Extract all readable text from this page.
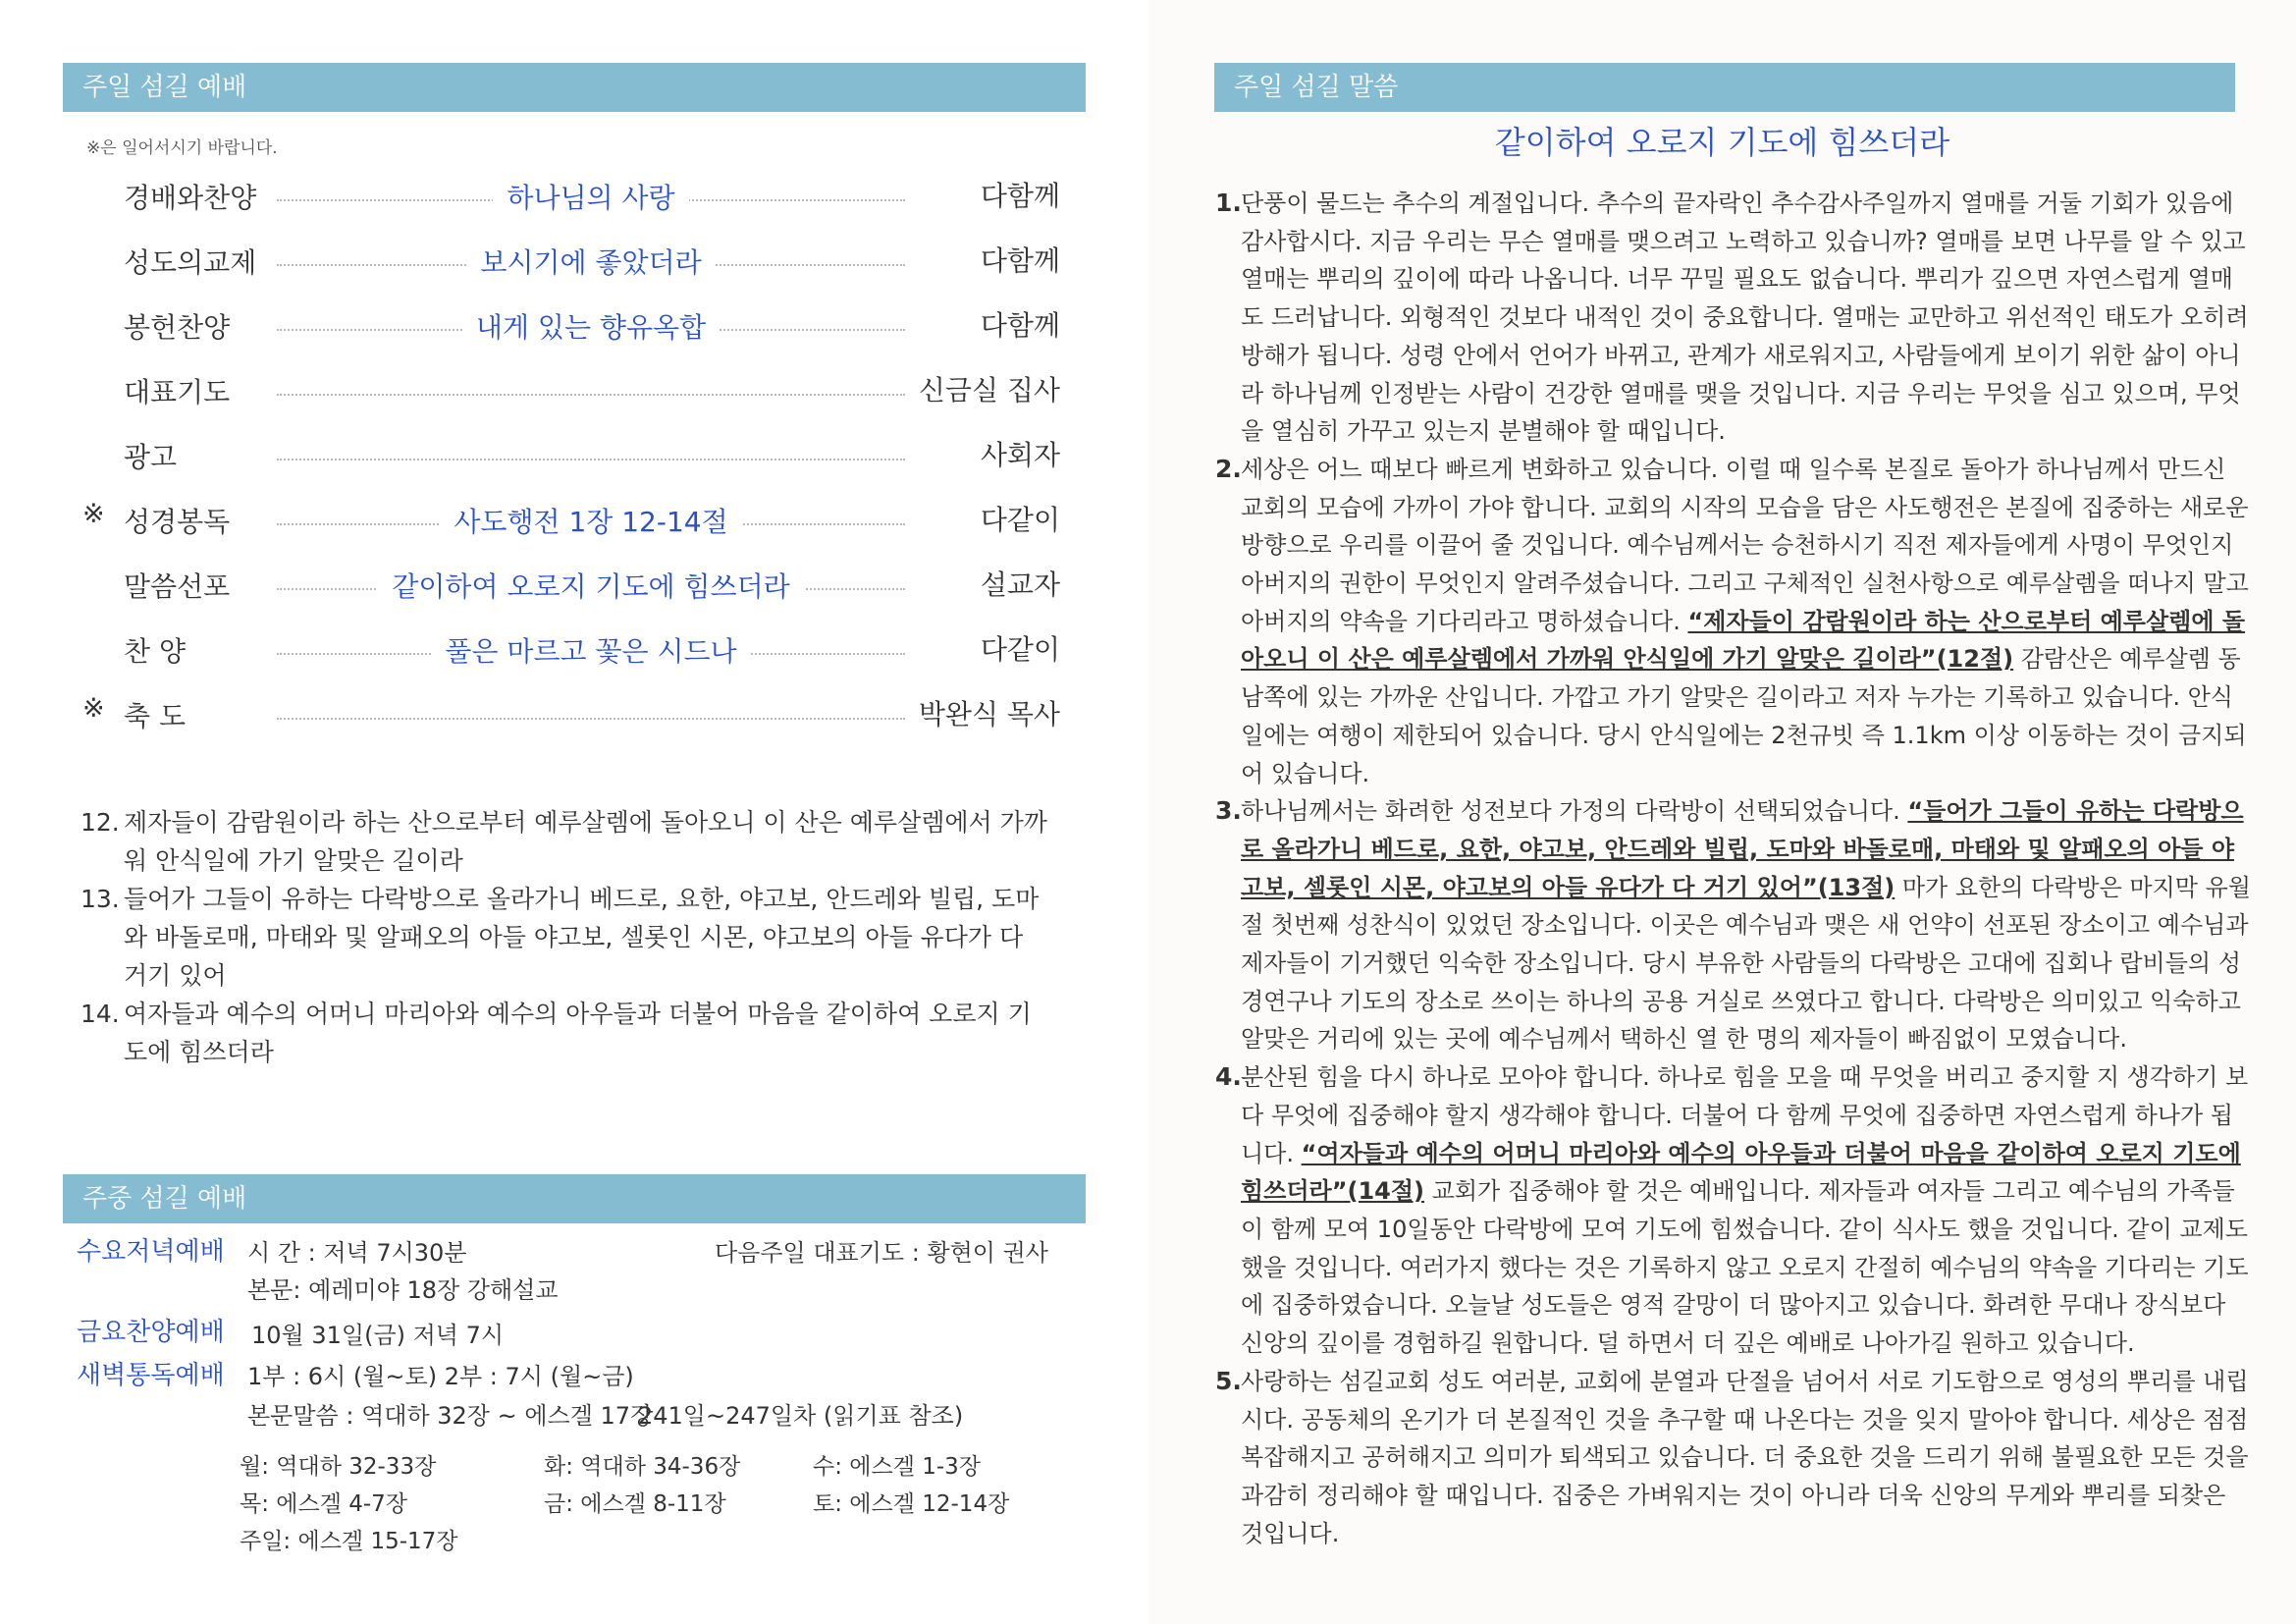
주일 섬길 예배
※은 일어서시기 바랍니다.
경배와찬양	하나님의 사랑	다함께
성도의교제	보시기에 좋았더라	다함께
봉헌찬양	내게 있는 향유옥합	다함께
대표기도	신금실 집사
광고	사회자
※ 성경봉독	사도행전 1장 12-14절	다같이
말씀선포	같이하여 오로지 기도에 힘쓰더라	설교자
찬 양	풀은 마르고 꽃은 시드나	다같이
※ 축 도	박완식 목사
12. 제자들이 감람원이라 하는 산으로부터 예루살렘에 돌아오니 이 산은 예루살렘에서 가까워 안식일에 가기 알맞은 길이라
13. 들어가 그들이 유하는 다락방으로 올라가니 베드로, 요한, 야고보, 안드레와 빌립, 도마와 바돌로매, 마태와 및 알패오의 아들 야고보, 셀롯인 시몬, 야고보의 아들 유다가 다 거기 있어
14. 여자들과 예수의 어머니 마리아와 예수의 아우들과 더불어 마음을 같이하여 오로지 기도에 힘쓰더라
주중 섬길 예배
수요저녁예배 시 간 : 저녁 7시30분	다음주일 대표기도 : 황현이 권사
본문: 예레미야 18장 강해설교
금요찬양예배 10월 31일(금) 저녁 7시
새벽통독예배 1부 : 6시 (월~토) 2부 : 7시 (월~금)
본문말씀 : 역대하 32장 ~ 에스겔 17장
241일~247일차 (읽기표 참조)
월: 역대하 32-33장	화: 역대하 34-36장	수: 에스겔 1-3장
목: 에스겔 4-7장	금: 에스겔 8-11장	토: 에스겔 12-14장
주일: 에스겔 15-17장
주일 섬길 말씀
같이하여 오로지 기도에 힘쓰더라
1. 단풍이 물드는 추수의 계절입니다. 추수의 끝자락인 추수감사주일까지 열매를 거둘 기회가 있음에 감사합시다. 지금 우리는 무슨 열매를 맺으려고 노력하고 있습니까? 열매를 보면 나무를 알 수 있고 열매는 뿌리의 깊이에 따라 나옵니다. 너무 꾸밀 필요도 없습니다. 뿌리가 깊으면 자연스럽게 열매도 드러납니다. 외형적인 것보다 내적인 것이 중요합니다. 열매는 교만하고 위선적인 태도가 오히려 방해가 됩니다. 성령 안에서 언어가 바뀌고, 관계가 새로워지고, 사람들에게 보이기 위한 삶이 아니라 하나님께 인정받는 사람이 건강한 열매를 맺을 것입니다. 지금 우리는 무엇을 심고 있으며, 무엇을 열심히 가꾸고 있는지 분별해야 할 때입니다.
2. 세상은 어느 때보다 빠르게 변화하고 있습니다. 이럴 때 일수록 본질로 돌아가 하나님께서 만드신 교회의 모습에 가까이 가야 합니다. 교회의 시작의 모습을 담은 사도행전은 본질에 집중하는 새로운 방향으로 우리를 이끌어 줄 것입니다. 예수님께서는 승천하시기 직전 제자들에게 사명이 무엇인지 아버지의 권한이 무엇인지 알려주셨습니다. 그리고 구체적인 실천사항으로 예루살렘을 떠나지 말고 아버지의 약속을 기다리라고 명하셨습니다. “제자들이 감람원이라 하는 산으로부터 예루살렘에 돌아오니 이 산은 예루살렘에서 가까워 안식일에 가기 알맞은 길이라”(12절) 감람산은 예루살렘 동남쪽에 있는 가까운 산입니다. 가깝고 가기 알맞은 길이라고 저자 누가는 기록하고 있습니다. 안식일에는 여행이 제한되어 있습니다. 당시 안식일에는 2천규빗 즉 1.1km 이상 이동하는 것이 금지되어 있습니다.
3. 하나님께서는 화려한 성전보다 가정의 다락방이 선택되었습니다. “들어가 그들이 유하는 다락방으로 올라가니 베드로, 요한, 야고보, 안드레와 빌립, 도마와 바돌로매, 마태와 및 알패오의 아들 야고보, 셀롯인 시몬, 야고보의 아들 유다가 다 거기 있어”(13절) 마가 요한의 다락방은 마지막 유월절 첫번째 성찬식이 있었던 장소입니다. 이곳은 예수님과 맺은 새 언약이 선포된 장소이고 예수님과 제자들이 기거했던 익숙한 장소입니다. 당시 부유한 사람들의 다락방은 고대에 집회나 랍비들의 성경연구나 기도의 장소로 쓰이는 하나의 공용 거실로 쓰였다고 합니다. 다락방은 의미있고 익숙하고 알맞은 거리에 있는 곳에 예수님께서 택하신 열 한 명의 제자들이 빠짐없이 모였습니다.
4. 분산된 힘을 다시 하나로 모아야 합니다. 하나로 힘을 모을 때 무엇을 버리고 중지할 지 생각하기 보다 무엇에 집중해야 할지 생각해야 합니다. 더불어 다 함께 무엇에 집중하면 자연스럽게 하나가 됩니다. “여자들과 예수의 어머니 마리아와 예수의 아우들과 더불어 마음을 같이하여 오로지 기도에 힘쓰더라”(14절) 교회가 집중해야 할 것은 예배입니다. 제자들과 여자들 그리고 예수님의 가족들이 함께 모여 10일동안 다락방에 모여 기도에 힘썼습니다. 같이 식사도 했을 것입니다. 같이 교제도 했을 것입니다. 여러가지 했다는 것은 기록하지 않고 오로지 간절히 예수님의 약속을 기다리는 기도에 집중하였습니다. 오늘날 성도들은 영적 갈망이 더 많아지고 있습니다. 화려한 무대나 장식보다 신앙의 깊이를 경험하길 원합니다. 덜 하면서 더 깊은 예배로 나아가길 원하고 있습니다.
5. 사랑하는 섬길교회 성도 여러분, 교회에 분열과 단절을 넘어서 서로 기도함으로 영성의 뿌리를 내립시다. 공동체의 온기가 더 본질적인 것을 추구할 때 나온다는 것을 잊지 말아야 합니다. 세상은 점점 복잡해지고 공허해지고 의미가 퇴색되고 있습니다. 더 중요한 것을 드리기 위해 불필요한 모든 것을 과감히 정리해야 할 때입니다. 집중은 가벼워지는 것이 아니라 더욱 신앙의 무게와 뿌리를 되찾은 것입니다.
